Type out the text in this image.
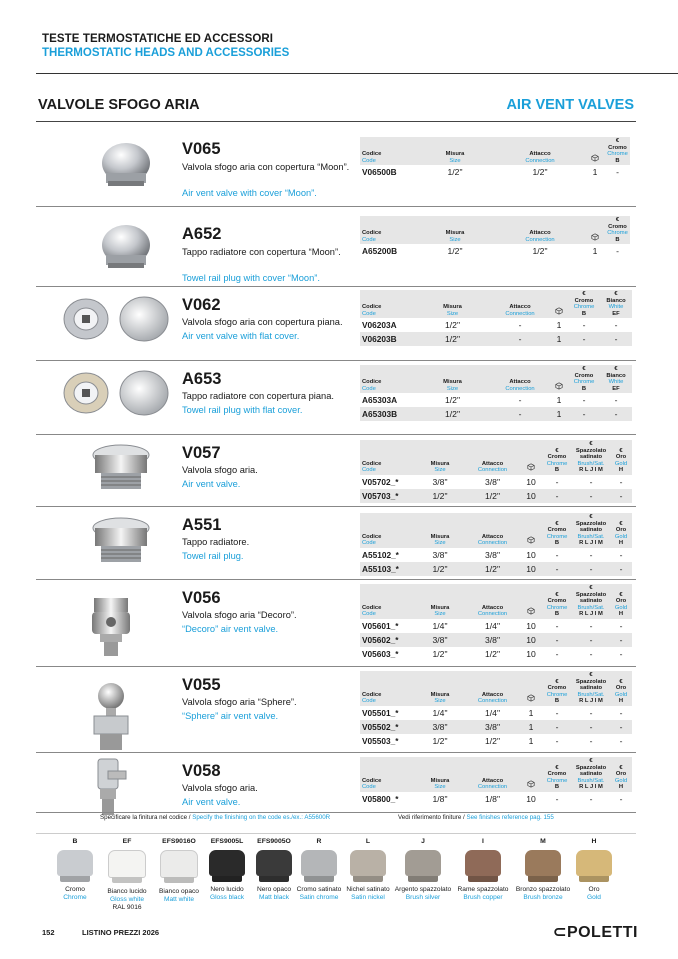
TESTE TERMOSTATICHE ED ACCESSORI
THERMOSTATIC HEADS AND ACCESSORIES
VALVOLE SFOGO ARIA	AIR VENT VALVES
V065
Valvola sfogo aria con copertura “Moon”.
Air vent valve with cover “Moon”.
A652
Tappo radiatore con copertura “Moon”.
Towel rail plug with cover “Moon”.
V062
Valvola sfogo aria con copertura piana.
Air vent valve with flat cover.
A653
Tappo radiatore con copertura piana.
Towel rail plug with flat cover.
V057
Valvola sfogo aria.
Air vent valve.
A551
Tappo radiatore.
Towel rail plug.
V056
Valvola sfogo aria “Decoro”.
“Decoro” air vent valve.
V055
Valvola sfogo aria “Sphere”.
“Sphere” air vent valve.
V058
Valvola sfogo aria.
Air vent valve.
Specificare la finitura nel codice / Specify the finishing on the code es./ex.: A55600R	Vedi riferimento finiture / See finishes reference pag. 155
B
Cromo
Chrome
EF
Bianco lucido
Gloss white
RAL 9016
EFS9016O
Bianco opaco
Matt white
EFS9005L
Nero lucido
Gloss black
EFS9005O
Nero opaco
Matt black
R
Cromo satinato
Satin chrome
L
Nichel satinato
Satin nickel
J
Argento spazzolato
Brush silver
I
Rame spazzolato
Brush copper
M
Bronzo spazzolato
Brush bronze
H
Oro
Gold
152	LISTINO PREZZI 2026	⊂POLETTI
Codice
Code	Misura
Size	Attacco
Connection		€
Cromo
Chrome
B
V06500B	1/2"	1/2"	1	-
Codice
Code	Misura
Size	Attacco
Connection		€
Cromo
Chrome
B
A65200B	1/2"	1/2"	1	-
Codice
Code	Misura
Size	Attacco
Connection		€
Cromo
Chrome
B	€
Bianco
White
EF
V06203A	1/2"	-	1	-	-
V06203B	1/2"	-	1	-	-
Codice
Code	Misura
Size	Attacco
Connection		€
Cromo
Chrome
B	€
Bianco
White
EF
A65303A	1/2"	-	1	-	-
A65303B	1/2"	-	1	-	-
Codice
Code	Misura
Size	Attacco
Connection		€
Cromo
Chrome
B	€
Spazzolato
satinato
Brush/Sat.
R L J I M	€
Oro
Gold
H
V05702_*	3/8"	3/8"	10	-	-	-
V05703_*	1/2"	1/2"	10	-	-	-
Codice
Code	Misura
Size	Attacco
Connection		€
Cromo
Chrome
B	€
Spazzolato
satinato
Brush/Sat.
R L J I M	€
Oro
Gold
H
A55102_*	3/8"	3/8"	10	-	-	-
A55103_*	1/2"	1/2"	10	-	-	-
Codice
Code	Misura
Size	Attacco
Connection		€
Cromo
Chrome
B	€
Spazzolato
satinato
Brush/Sat.
R L J I M	€
Oro
Gold
H
V05601_*	1/4"	1/4"	10	-	-	-
V05602_*	3/8"	3/8"	10	-	-	-
V05603_*	1/2"	1/2"	10	-	-	-
Codice
Code	Misura
Size	Attacco
Connection		€
Cromo
Chrome
B	€
Spazzolato
satinato
Brush/Sat.
R L J I M	€
Oro
Gold
H
V05501_*	1/4"	1/4"	1	-	-	-
V05502_*	3/8"	3/8"	1	-	-	-
V05503_*	1/2"	1/2"	1	-	-	-
Codice
Code	Misura
Size	Attacco
Connection		€
Cromo
Chrome
B	€
Spazzolato
satinato
Brush/Sat.
R L J I M	€
Oro
Gold
H
V05800_*	1/8"	1/8"	10	-	-	-
